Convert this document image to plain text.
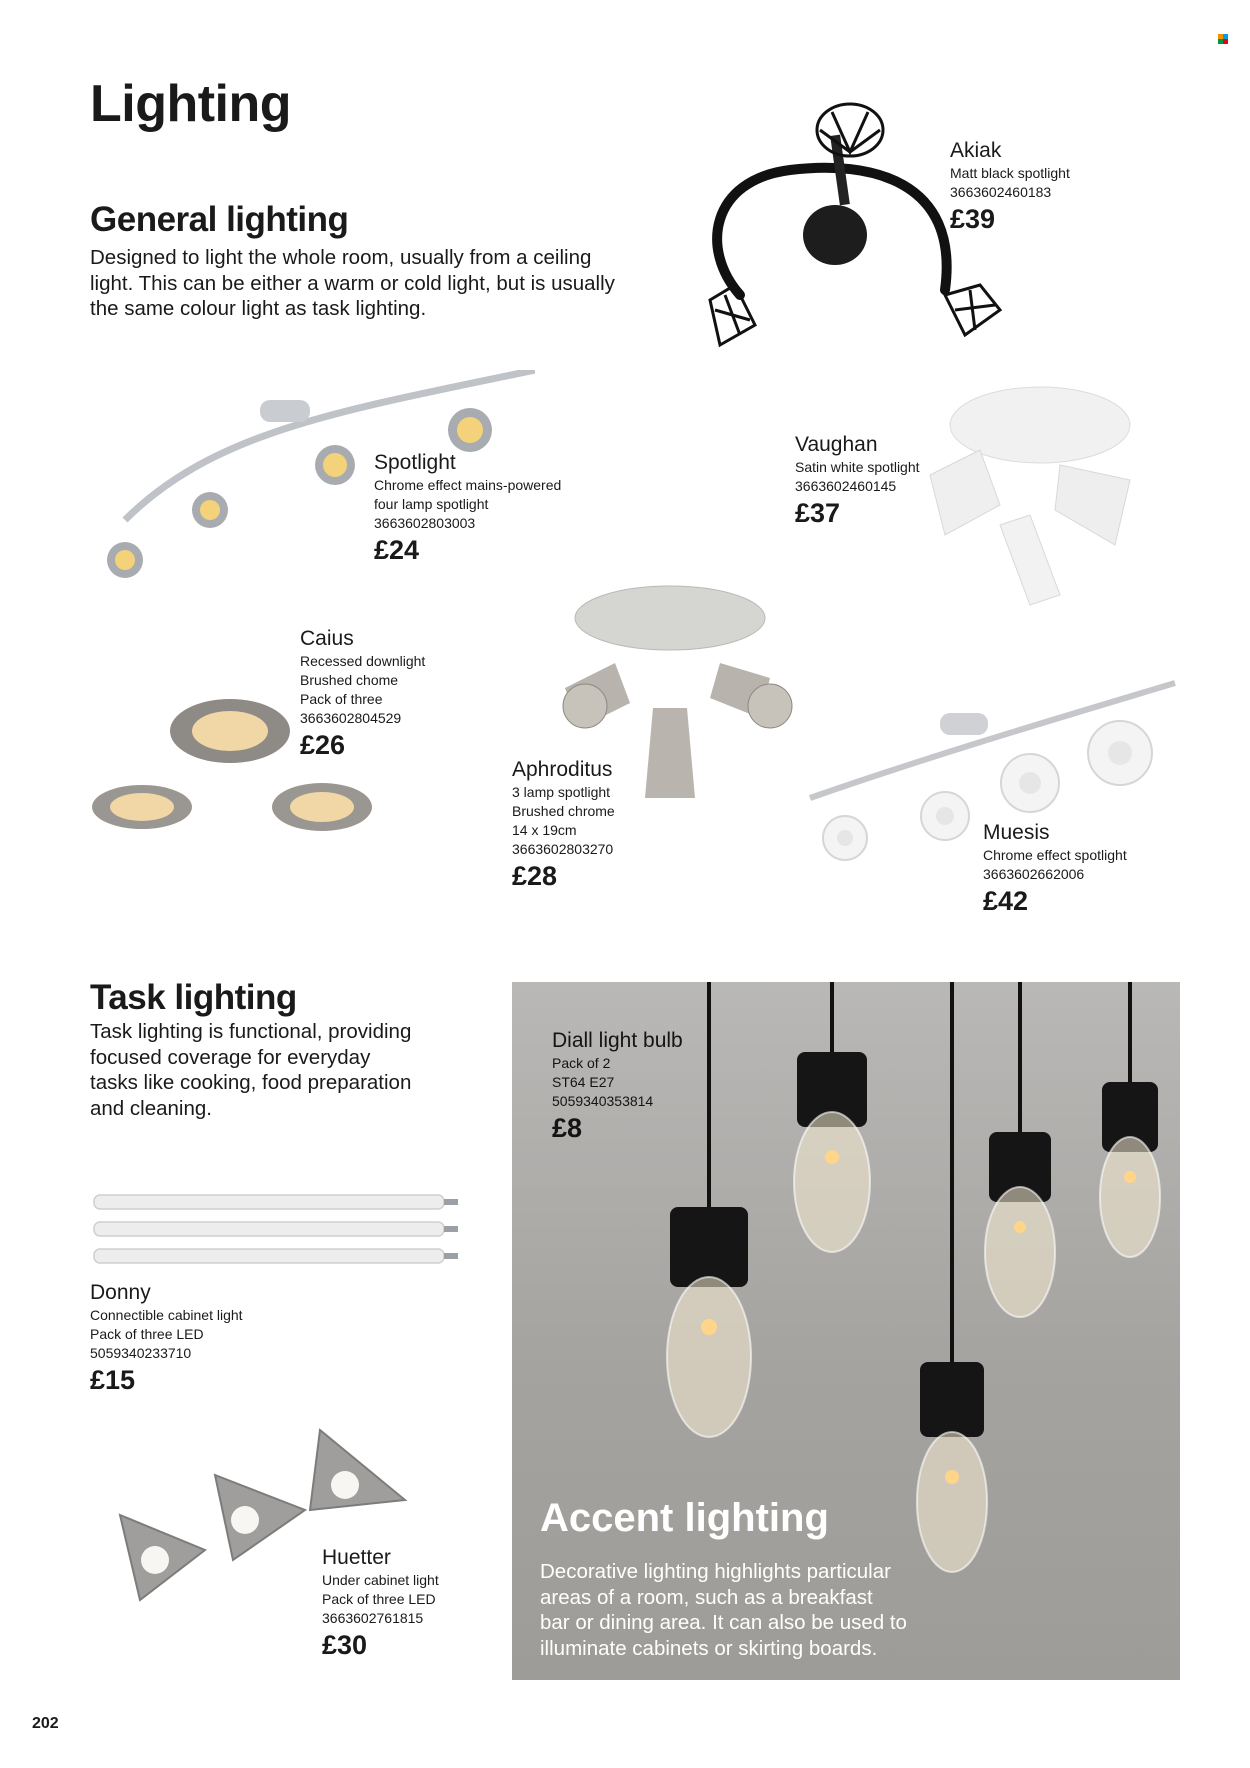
Lighting
General lighting
Designed to light the whole room, usually from a ceiling
light. This can be either a warm or cold light, but is usually
the same colour light as task lighting.
Akiak
Matt black spotlight
3663602460183
£39
Spotlight
Chrome effect mains-powered
four lamp spotlight
3663602803003
£24
Vaughan
Satin white spotlight
3663602460145
£37
Caius
Recessed downlight
Brushed chome
Pack of three
3663602804529
£26
Aphroditus
3 lamp spotlight
Brushed chrome
14 x 19cm
3663602803270
£28
Muesis
Chrome effect spotlight
3663602662006
£42
Task lighting
Task lighting is functional, providing
focused coverage for everyday
tasks like cooking, food preparation
and cleaning.
Donny
Connectible cabinet light
Pack of three LED
5059340233710
£15
Huetter
Under cabinet light
Pack of three LED
3663602761815
£30
Diall light bulb
Pack of 2
ST64 E27
5059340353814
£8
Accent lighting
Decorative lighting highlights particular
areas of a room, such as a breakfast
bar or dining area. It can also be used to
illuminate cabinets or skirting boards.
202
